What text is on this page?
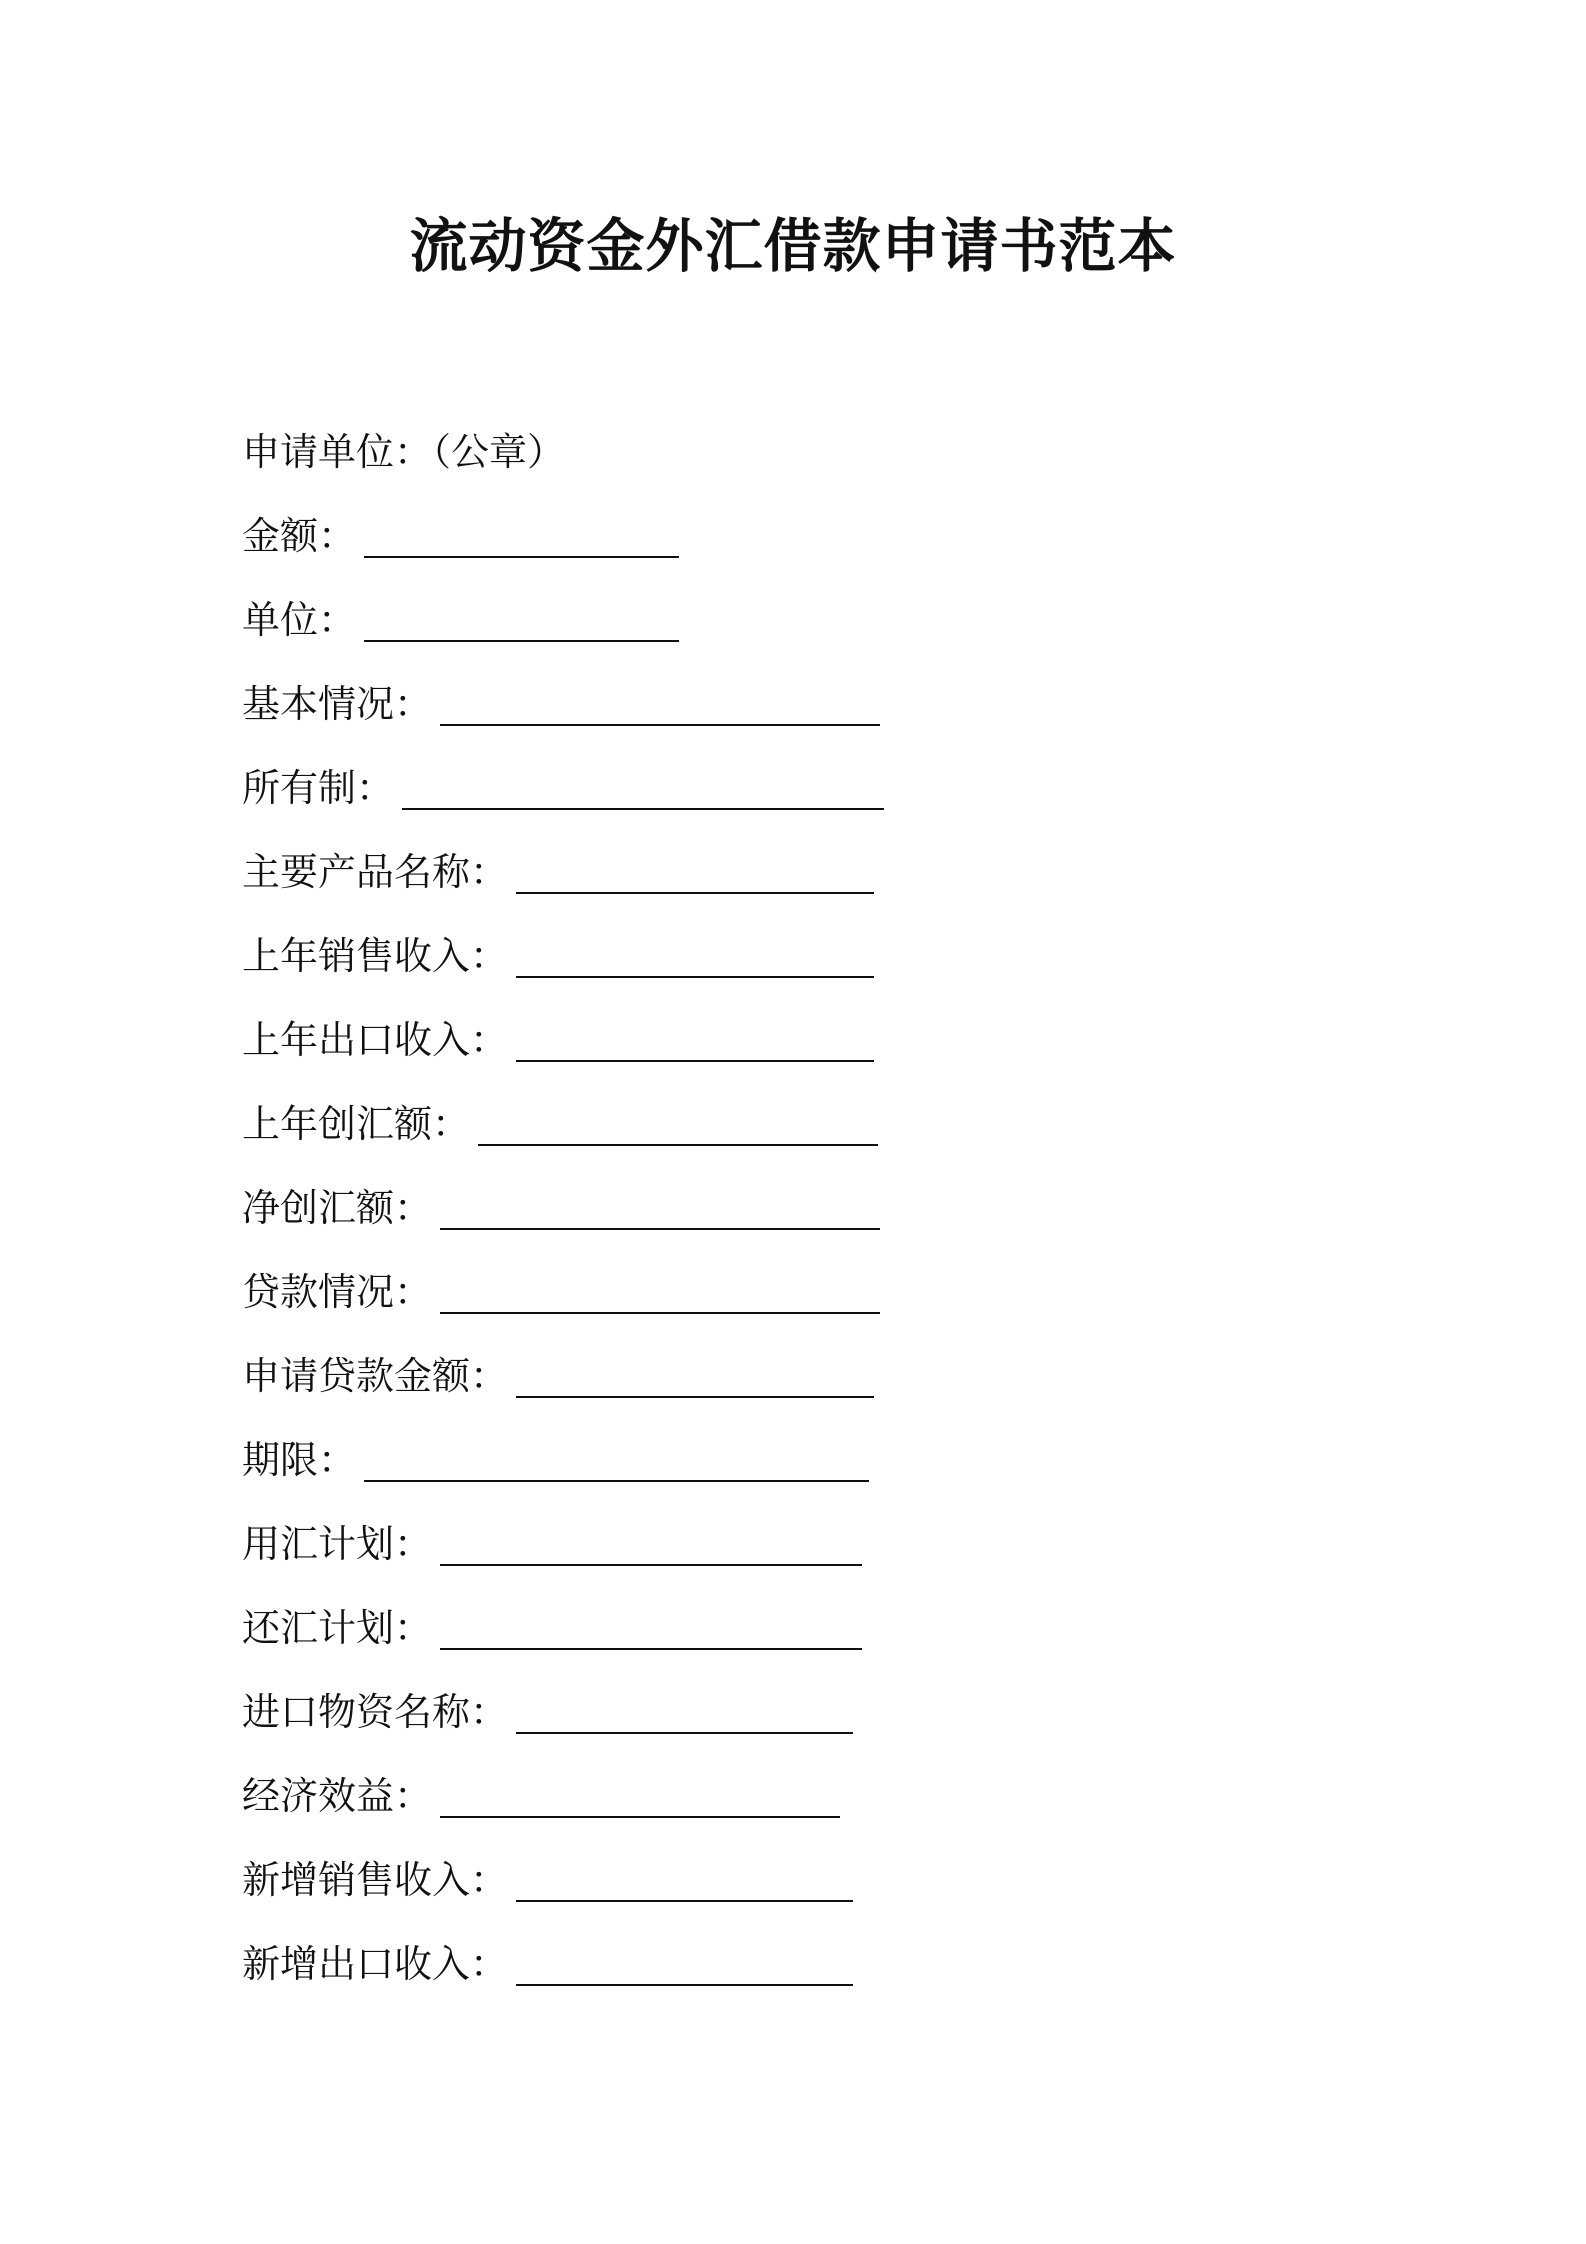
流动资金外汇借款申请书范本
申请单位：（公章）
金额：
单位：
基本情况：
所有制：
主要产品名称：
上年销售收入：
上年出口收入：
上年创汇额：
净创汇额：
贷款情况：
申请贷款金额：
期限：
用汇计划：
还汇计划：
进口物资名称：
经济效益：
新增销售收入：
新增出口收入：
